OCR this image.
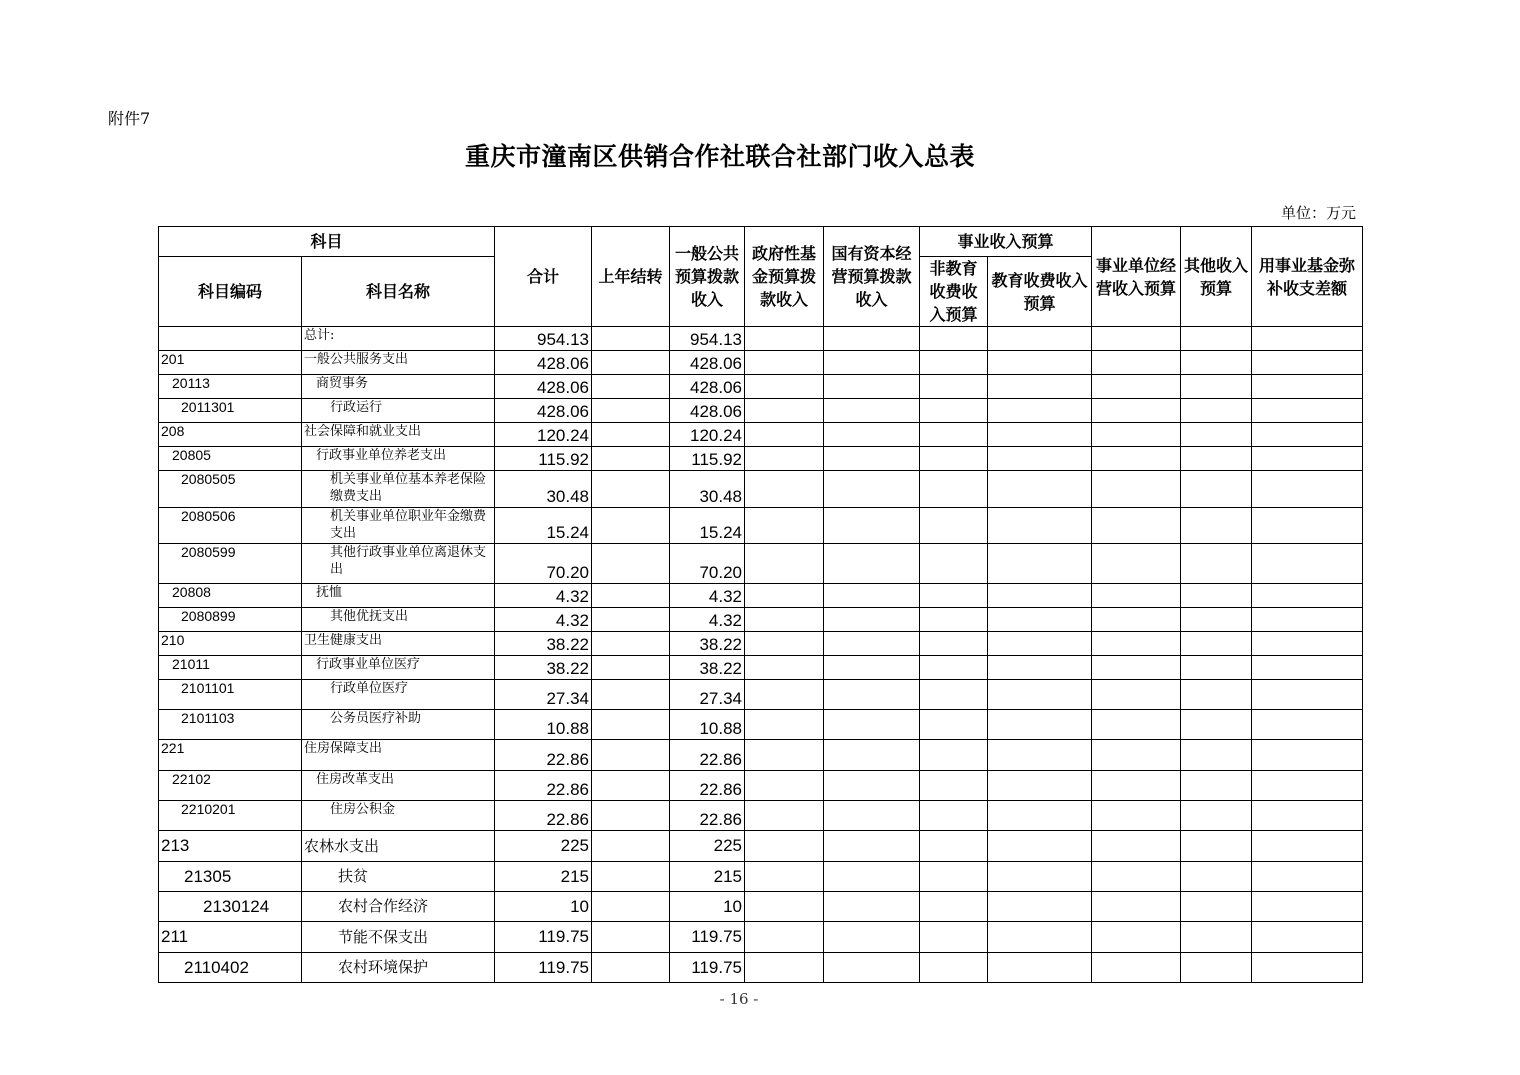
附件7
重庆市潼南区供销合作社联合社部门收入总表
单位：万元
科目		合计	上年结转	一般公共预算拨款收入	政府性基金预算拨款收入	国有资本经营预算拨款收入	事业收入预算		事业单位经营收入预算	其他收入预算	用事业基金弥补收支差额
科目编码	科目名称						非教育收费收入预算	教育收费收入预算			
	总计:	954.13		954.13							
201	一般公共服务支出	428.06		428.06							
20113	商贸事务	428.06		428.06							
2011301	行政运行	428.06		428.06							
208	社会保障和就业支出	120.24		120.24							
20805	行政事业单位养老支出	115.92		115.92							
2080505	机关事业单位基本养老保险缴费支出	30.48		30.48							
2080506	机关事业单位职业年金缴费支出	15.24		15.24							
2080599	其他行政事业单位离退休支出	70.20		70.20							
20808	抚恤	4.32		4.32							
2080899	其他优抚支出	4.32		4.32							
210	卫生健康支出	38.22		38.22							
21011	行政事业单位医疗	38.22		38.22							
2101101	行政单位医疗	27.34		27.34							
2101103	公务员医疗补助	10.88		10.88							
221	住房保障支出	22.86		22.86							
22102	住房改革支出	22.86		22.86							
2210201	住房公积金	22.86		22.86							
213	农林水支出	225		225							
21305	扶贫	215		215							
2130124	农村合作经济	10		10							
211	节能不保支出	119.75		119.75							
2110402	农村环境保护	119.75		119.75							
- 16 -
